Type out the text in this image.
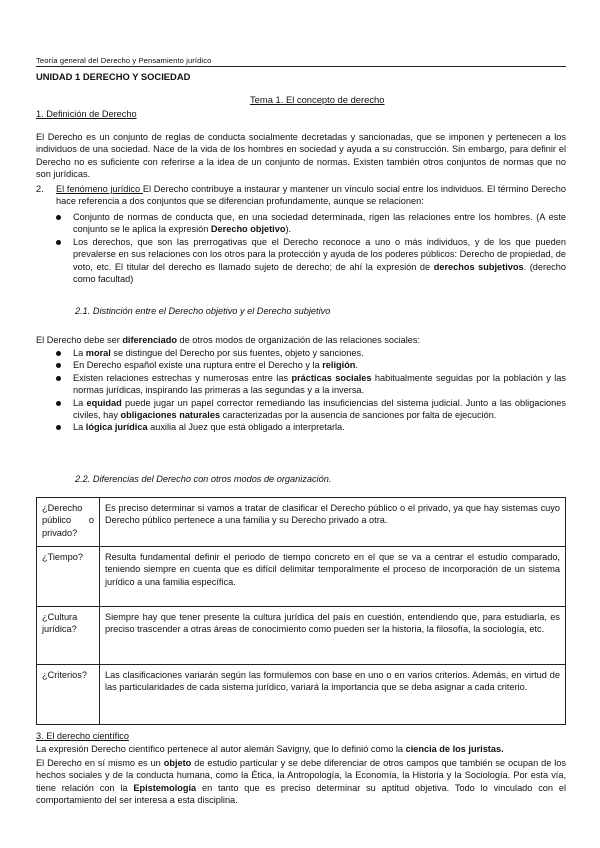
Teoría general del Derecho y Pensamiento jurídico
UNIDAD 1 DERECHO Y SOCIEDAD
Tema 1. El concepto de derecho
1. Definición de Derecho
El Derecho es un conjunto de reglas de conducta socialmente decretadas y sancionadas, que se imponen y pertenecen a los individuos de una sociedad. Nace de la vida de los hombres en sociedad y ayuda a su construcción. Sin embargo, para definir el Derecho no es suficiente con referirse a la idea de un conjunto de normas. Existen también otros conjuntos de normas que no son jurídicas.
2. El fenómeno jurídico El Derecho contribuye a instaurar y mantener un vínculo social entre los individuos. El término Derecho hace referencia a dos conjuntos que se diferencian profundamente, aunque se relacionen:
Conjunto de normas de conducta que, en una sociedad determinada, rigen las relaciones entre los hombres. (A este conjunto se le aplica la expresión Derecho objetivo).
Los derechos, que son las prerrogativas que el Derecho reconoce a uno o más individuos, y de los que pueden prevalerse en sus relaciones con los otros para la protección y ayuda de los poderes públicos: Derecho de propiedad, de voto, etc. El titular del derecho es llamado sujeto de derecho; de ahí la expresión de derechos subjetivos. (derecho como facultad)
2.1. Distinción entre el Derecho objetivo y el Derecho subjetivo
El Derecho debe ser diferenciado de otros modos de organización de las relaciones sociales:
La moral se distingue del Derecho por sus fuentes, objeto y sanciones.
En Derecho español existe una ruptura entre el Derecho y la religión.
Existen relaciones estrechas y numerosas entre las prácticas sociales habitualmente seguidas por la población y las normas jurídicas, inspirando las primeras a las segundas y a la inversa.
La equidad puede jugar un papel corrector remediando las insuficiencias del sistema judicial. Junto a las obligaciones civiles, hay obligaciones naturales caracterizadas por la ausencia de sanciones por falta de ejecución.
La lógica jurídica auxilia al Juez que está obligado a interpretarla.
2.2. Diferencias del Derecho con otros modos de organización.
¿Derecho público o privado?	Es preciso determinar si vamos a tratar de clasificar el Derecho público o el privado, ya que hay sistemas cuyo Derecho público pertenece a una familia y su Derecho privado a otra.
¿Tiempo?	Resulta fundamental definir el periodo de tiempo concreto en el que se va a centrar el estudio comparado, teniendo siempre en cuenta que es difícil delimitar temporalmente el proceso de incorporación de un sistema jurídico a una familia específica.
¿Cultura jurídica?	Siempre hay que tener presente la cultura jurídica del país en cuestión, entendiendo que, para estudiarla, es preciso trascender a otras áreas de conocimiento como pueden ser la historia, la filosofía, la sociología, etc.
¿Criterios?	Las clasificaciones variarán según las formulemos con base en uno o en varios criterios. Además, en virtud de las particularidades de cada sistema jurídico, variará la importancia que se deba asignar a cada criterio.
3. El derecho científico
La expresión Derecho científico pertenece al autor alemán Savigny, que lo definió como la ciencia de los juristas.
El Derecho en sí mismo es un objeto de estudio particular y se debe diferenciar de otros campos que también se ocupan de los hechos sociales y de la conducta humana, como la Ética, la Antropología, la Economía, la Historia y la Sociología. Por esta vía, tiene relación con la Epistemología en tanto que es preciso determinar su aptitud objetiva. Todo lo vinculado con el comportamiento del ser interesa a esta disciplina.
